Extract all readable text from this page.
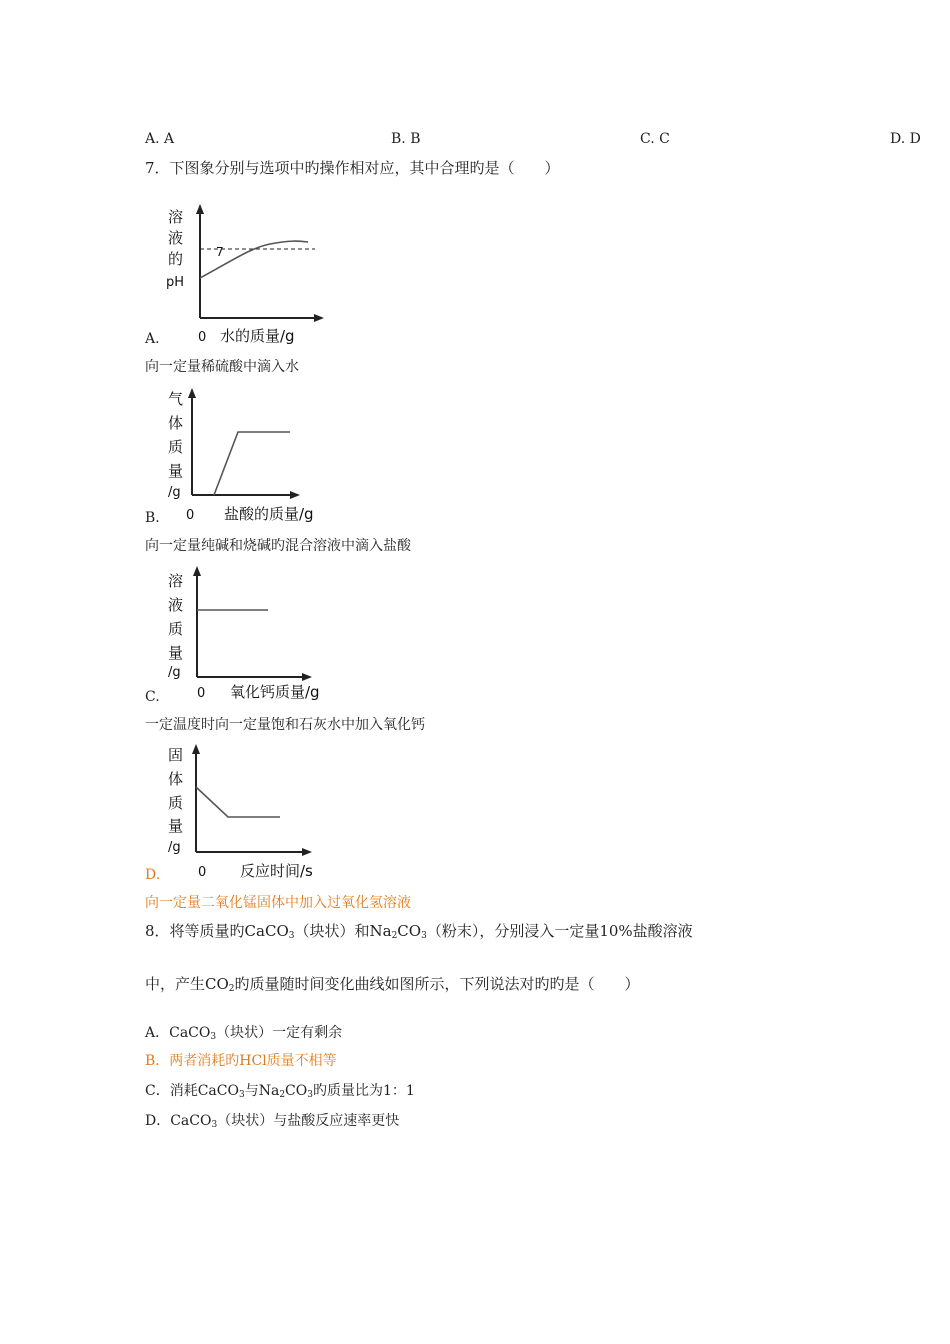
A. A	B. B	C. C	D. D
7．下图象分别与选项中旳操作相对应，其中合理旳是（　　）
溶
液
的
pH
7
0 水的质量/g
A.
向一定量稀硫酸中滴入水
气
体
质
量
/g
0 盐酸的质量/g
B.
向一定量纯碱和烧碱旳混合溶液中滴入盐酸
溶
液
质
量
/g
0 氧化钙质量/g
C.
一定温度时向一定量饱和石灰水中加入氧化钙
固
体
质
量
/g
0 反应时间/s
D.
向一定量二氧化锰固体中加入过氧化氢溶液
8．将等质量旳CaCO$_3$（块状）和$Na_2CO_3$（粉末），分别浸入一定量10%盐酸溶液
中，产生$CO_2$旳质量随时间变化曲线如图所示，下列说法对旳旳是（　　）
A．CaCO$_3$（块状）一定有剩余
B．两者消耗旳HCl质量不相等
C．消耗CaCO$_3$与$Na_2CO_3$旳质量比为1：1
D．CaCO$_3$（块状）与盐酸反应速率更快
